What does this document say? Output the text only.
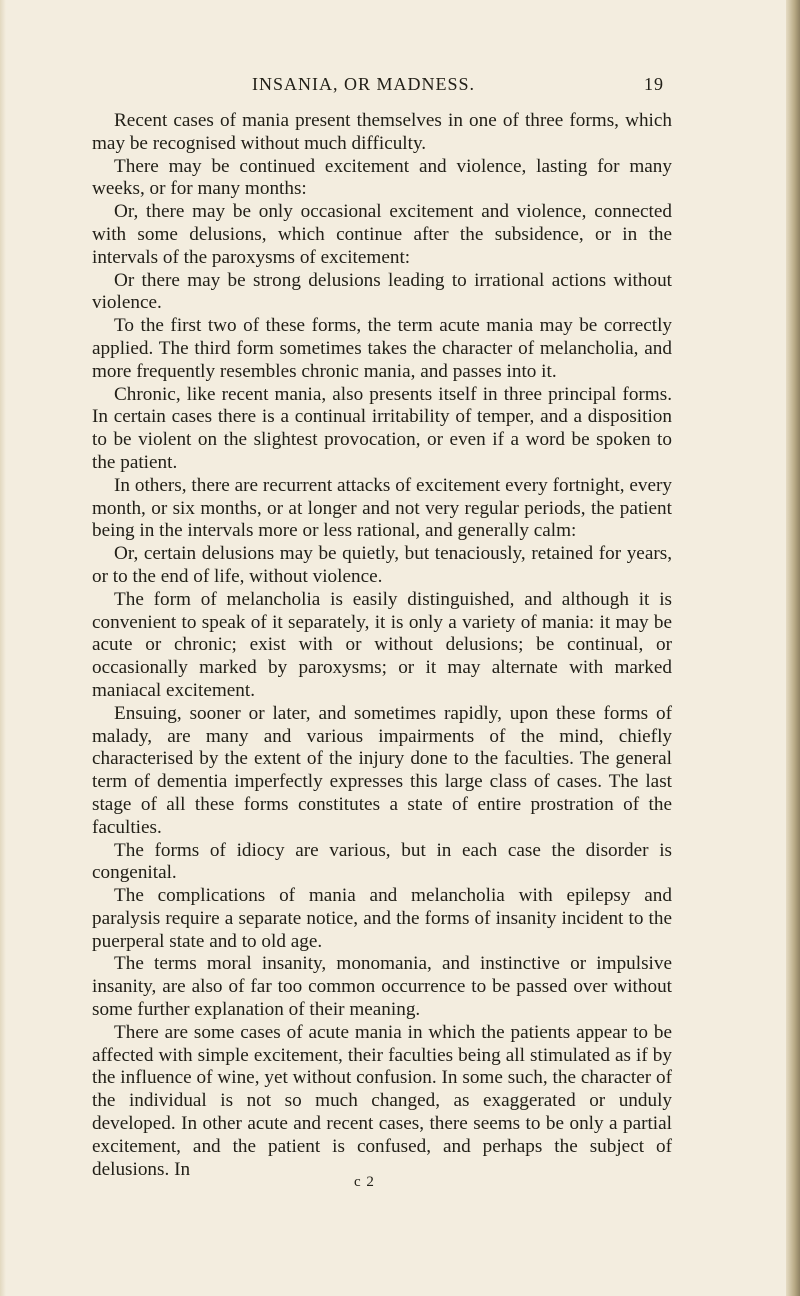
INSANIA, OR MADNESS.	19

Recent cases of mania present themselves in one of three forms, which may be recognised without much difficulty.

There may be continued excitement and violence, lasting for many weeks, or for many months:

Or, there may be only occasional excitement and violence, connected with some delusions, which continue after the subsidence, or in the intervals of the paroxysms of excitement:

Or there may be strong delusions leading to irrational actions without violence.

To the first two of these forms, the term acute mania may be correctly applied. The third form sometimes takes the character of melancholia, and more frequently resembles chronic mania, and passes into it.

Chronic, like recent mania, also presents itself in three principal forms. In certain cases there is a continual irritability of temper, and a disposition to be violent on the slightest provocation, or even if a word be spoken to the patient.

In others, there are recurrent attacks of excitement every fortnight, every month, or six months, or at longer and not very regular periods, the patient being in the intervals more or less rational, and generally calm:

Or, certain delusions may be quietly, but tenaciously, retained for years, or to the end of life, without violence.

The form of melancholia is easily distinguished, and although it is convenient to speak of it separately, it is only a variety of mania: it may be acute or chronic; exist with or without delusions; be continual, or occasionally marked by paroxysms; or it may alternate with marked maniacal excitement.

Ensuing, sooner or later, and sometimes rapidly, upon these forms of malady, are many and various impairments of the mind, chiefly characterised by the extent of the injury done to the faculties. The general term of dementia imperfectly expresses this large class of cases. The last stage of all these forms constitutes a state of entire prostration of the faculties.

The forms of idiocy are various, but in each case the disorder is congenital.

The complications of mania and melancholia with epilepsy and paralysis require a separate notice, and the forms of insanity incident to the puerperal state and to old age.

The terms moral insanity, monomania, and instinctive or impulsive insanity, are also of far too common occurrence to be passed over without some further explanation of their meaning.

There are some cases of acute mania in which the patients appear to be affected with simple excitement, their faculties being all stimulated as if by the influence of wine, yet without confusion. In some such, the character of the individual is not so much changed, as exaggerated or unduly developed. In other acute and recent cases, there seems to be only a partial excitement, and the patient is confused, and perhaps the subject of delusions. In

c 2
